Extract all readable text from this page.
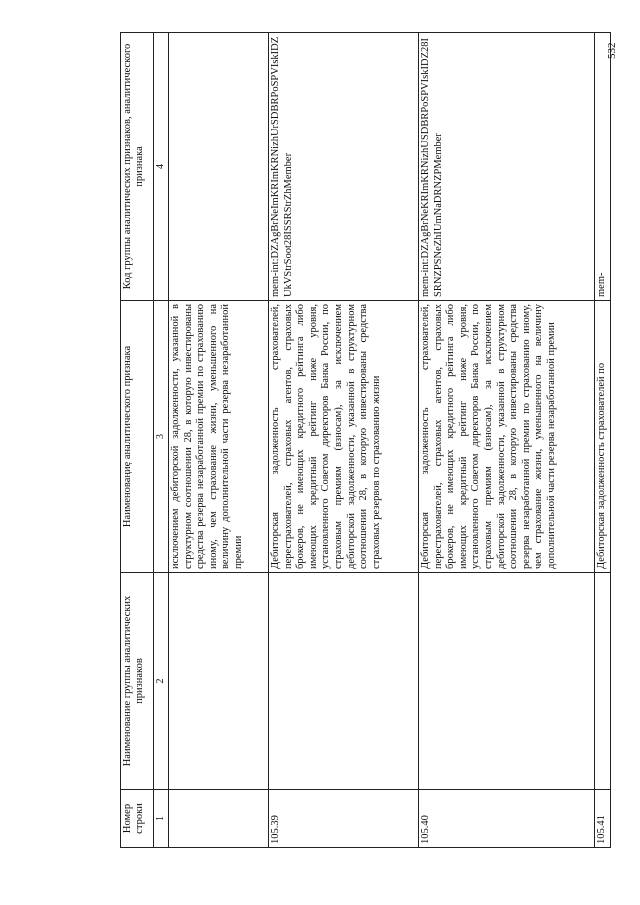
532
Номер строки	Наименование группы аналитических признаков	Наименование аналитического признака	Код группы аналитических признаков, аналитического признака
1	2	3	4
		исключением дебиторской задолженности, указанной в структурном соотношении 28, в которую инвестированы средства резерва незаработанной премии по страхованию иному, чем страхование жизни, уменьшенного на величину дополнительной части резерва незаработанной премии	
105.39		Дебиторская задолженность страхователей, перестрахователей, страховых агентов, страховых брокеров, не имеющих кредитного рейтинга либо имеющих кредитный рейтинг ниже уровня, установленного Советом директоров Банка России, по страховым премиям (взносам), за исключением дебиторской задолженности, указанной в структурном соотношении 28, в которую инвестированы средства страховых резервов по страхованию жизни	mem-int:DZAgBrNeImKRImKRNizhUrSDBRPoSPVIskIDZUkVStrSoot28ISSRStrZhMember
105.40		Дебиторская задолженность страхователей, перестрахователей, страховых агентов, страховых брокеров, не имеющих кредитного рейтинга либо имеющих кредитный рейтинг ниже уровня, установленного Советом директоров Банка России, по страховым премиям (взносам), за исключением дебиторской задолженности, указанной в структурном соотношении 28, в которую инвестированы средства резерва незаработанной премии по страхованию иному, чем страхование жизни, уменьшенного на величину дополнительной части резерва незаработанной премии	mem-int:DZAgBrNeKRImKRNizhUSDBRPoSPVIskIDZ28ISRNZPSNeZhIUmNaDRNZPMember
105.41		Дебиторская задолженность страхователей по	mem-
